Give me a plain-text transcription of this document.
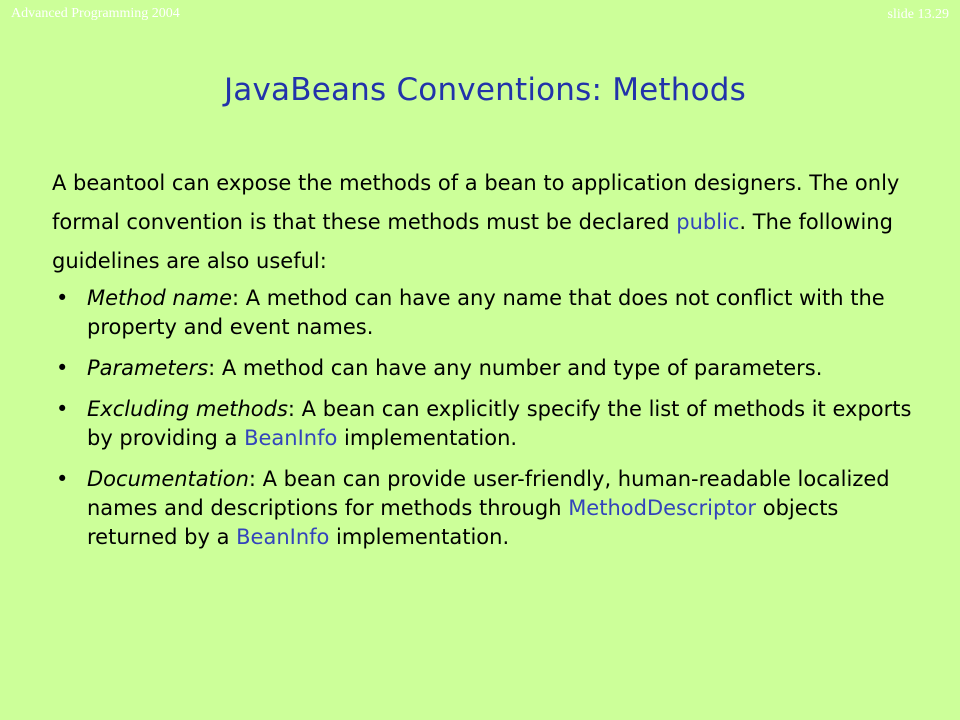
Advanced Programming 2004	slide 13.29
JavaBeans Conventions: Methods

A beantool can expose the methods of a bean to application designers. The only formal convention is that these methods must be declared public. The following guidelines are also useful:

• Method name: A method can have any name that does not conflict with the property and event names.
• Parameters: A method can have any number and type of parameters.
• Excluding methods: A bean can explicitly specify the list of methods it exports by providing a BeanInfo implementation.
• Documentation: A bean can provide user-friendly, human-readable localized names and descriptions for methods through MethodDescriptor objects returned by a BeanInfo implementation.
